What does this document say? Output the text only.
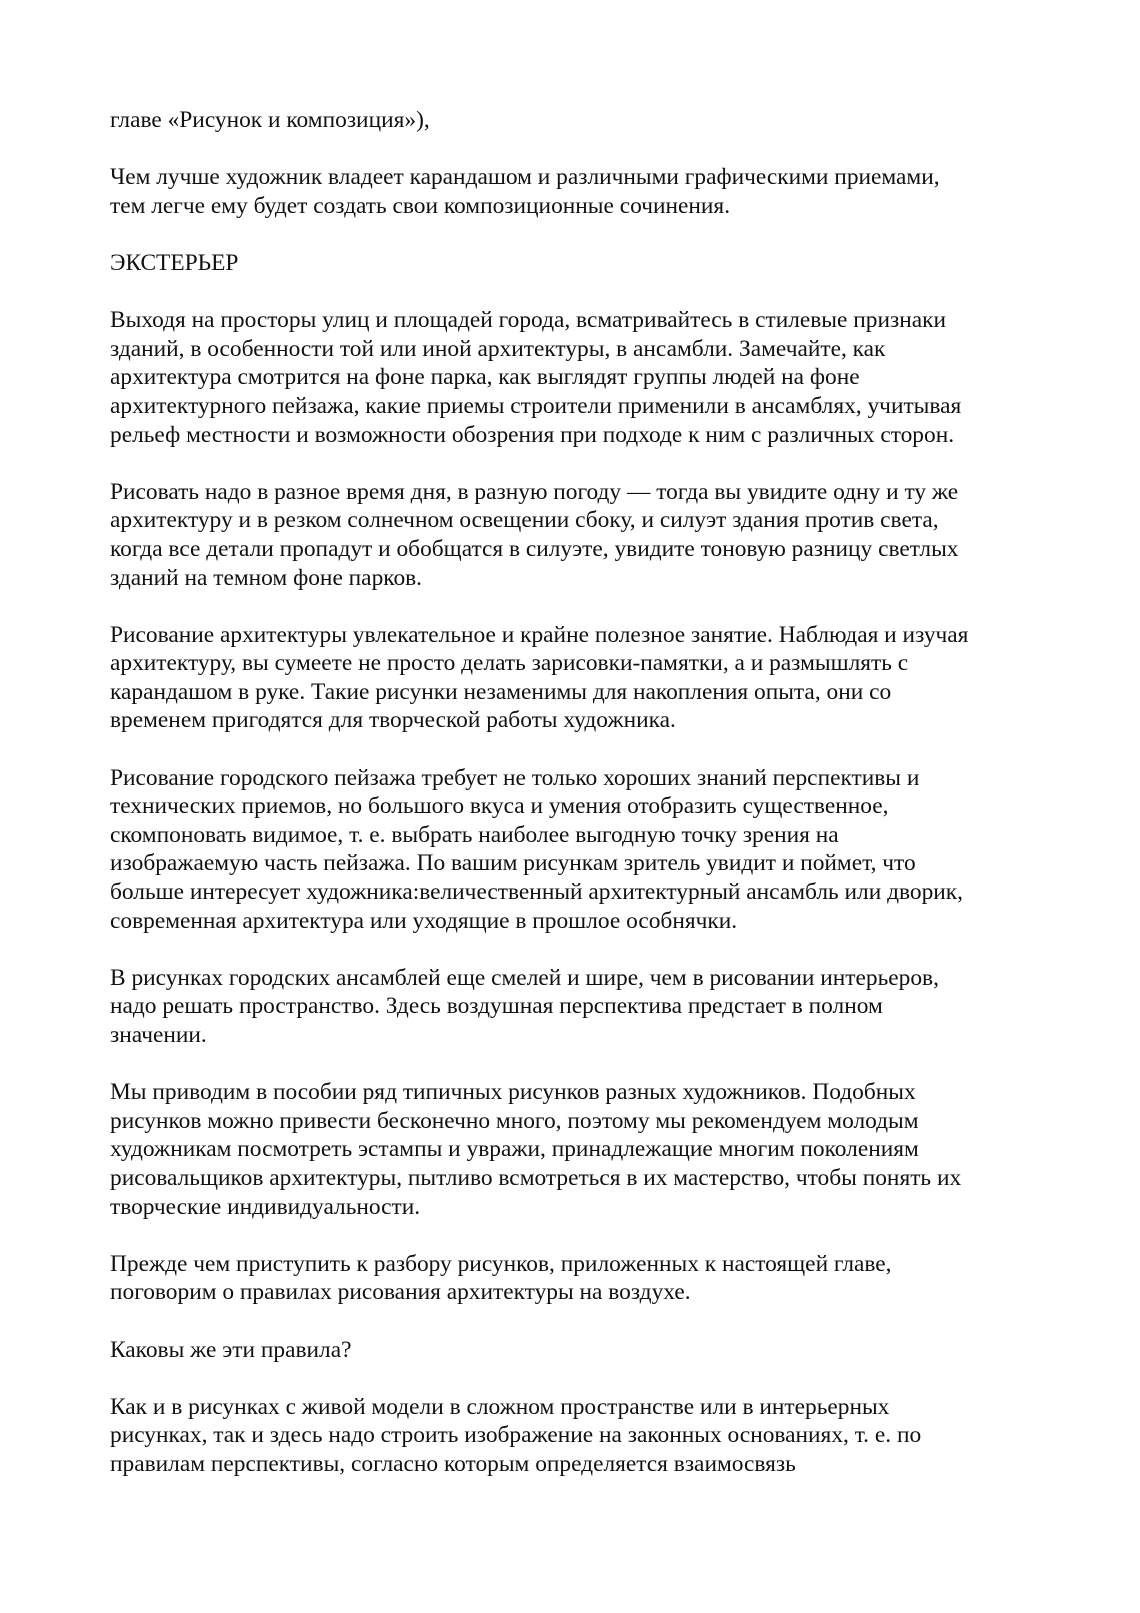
главе «Рисунок и композиция»),
Чем лучше художник владеет карандашом и различными графическими приемами,
тем легче ему будет создать свои композиционные сочинения.
ЭКСТЕРЬЕР
Выходя на просторы улиц и площадей города, всматривайтесь в стилевые признаки
зданий, в особенности той или иной архитектуры, в ансамбли. Замечайте, как
архитектура смотрится на фоне парка, как выглядят группы людей на фоне
архитектурного пейзажа, какие приемы строители применили в ансамблях, учитывая
рельеф местности и возможности обозрения при подходе к ним с различных сторон.
Рисовать надо в разное время дня, в разную погоду — тогда вы увидите одну и ту же
архитектуру и в резком солнечном освещении сбоку, и силуэт здания против света,
когда все детали пропадут и обобщатся в силуэте, увидите тоновую разницу светлых
зданий на темном фоне парков.
Рисование архитектуры увлекательное и крайне полезное занятие. Наблюдая и изучая
архитектуру, вы сумеете не просто делать зарисовки-памятки, а и размышлять с
карандашом в руке. Такие рисунки незаменимы для накопления опыта, они со
временем пригодятся для творческой работы художника.
Рисование городского пейзажа требует не только хороших знаний перспективы и
технических приемов, но большого вкуса и умения отобразить существенное,
скомпоновать видимое, т. е. выбрать наиболее выгодную точку зрения на
изображаемую часть пейзажа. По вашим рисункам зритель увидит и поймет, что
больше интересует художника:величественный архитектурный ансамбль или дворик,
современная архитектура или уходящие в прошлое особнячки.
В рисунках городских ансамблей еще смелей и шире, чем в рисовании интерьеров,
надо решать пространство. Здесь воздушная перспектива предстает в полном
значении.
Мы приводим в пособии ряд типичных рисунков разных художников. Подобных
рисунков можно привести бесконечно много, поэтому мы рекомендуем молодым
художникам посмотреть эстампы и увражи, принадлежащие многим поколениям
рисовальщиков архитектуры, пытливо всмотреться в их мастерство, чтобы понять их
творческие индивидуальности.
Прежде чем приступить к разбору рисунков, приложенных к настоящей главе,
поговорим о правилах рисования архитектуры на воздухе.
Каковы же эти правила?
Как и в рисунках с живой модели в сложном пространстве или в интерьерных
рисунках, так и здесь надо строить изображение на законных основаниях, т. е. по
правилам перспективы, согласно которым определяется взаимосвязь
